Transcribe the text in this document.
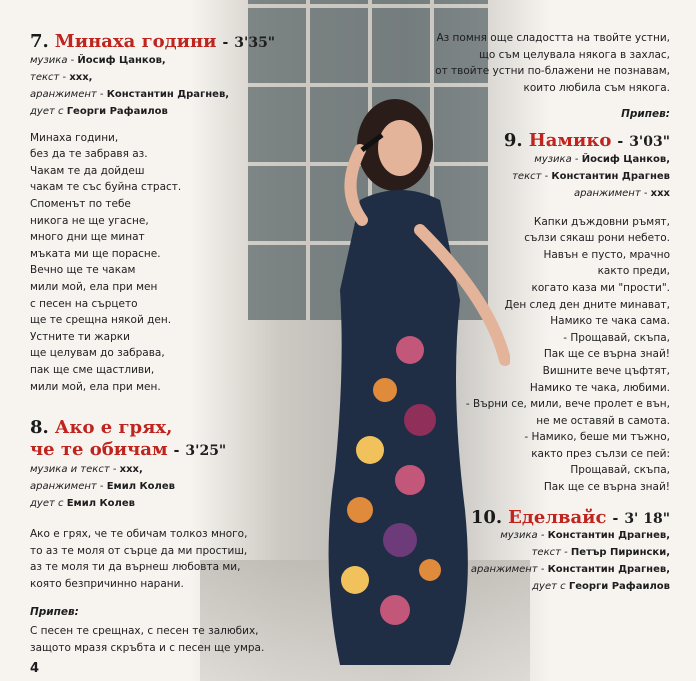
7. Минаха години - 3'35"
музика - Йосиф Цанков,
текст - ххх,
аранжимент - Константин Драгнев,
дует с Георги Рафаилов
Минаха години,
без да те забравя аз.
Чакам те да дойдеш
чакам те със буйна страст.
Споменът по тебе
никога не ще угасне,
много дни ще минат
мъката ми ще порасне.
Вечно ще те чакам
мили мой, ела при мен
с песен на сърцето
ще те срещна някой ден.
Устните ти жарки
ще целувам до забрава,
пак ще сме щастливи,
мили мой, ела при мен.
8. Ако е грях,
че те обичам - 3'25"
музика и текст - ххх,
аранжимент - Емил Колев
дует с Емил Колев
Ако е грях, че те обичам толкоз много,
то аз те моля от сърце да ми простиш,
аз те моля ти да върнеш любовта ми,
която безпричинно нарани.
Припев:
С песен те срещнах, с песен те залюбих,
защото мразя скръбта и с песен ще умра.
4
Аз помня още сладостта на твойте устни,
що съм целувала някога в захлас,
от твойте устни по-блажени не познавам,
които любила съм някога.
Припев:
9. Намико - 3'03"
музика - Йосиф Цанков,
текст - Константин Драгнев
аранжимент - ххх
Капки дъждовни ръмят,
сълзи сякаш рони небето.
Навън е пусто, мрачно
както преди,
когато каза ми "прости".
Ден след ден дните минават,
Намико те чака сама.
- Прощавай, скъпа,
Пак ще се върна знай!
Вишните вече цъфтят,
Намико те чака, любими.
- Върни се, мили, вече пролет е вън,
не ме оставяй в самота.
- Намико, беше ми тъжно,
както през сълзи се пей:
Прощавай, скъпа,
Пак ще се върна знай!
10. Еделвайс - 3' 18"
музика - Константин Драгнев,
текст - Петър Пирински,
аранжимент - Константин Драгнев,
дует с Георги Рафаилов
